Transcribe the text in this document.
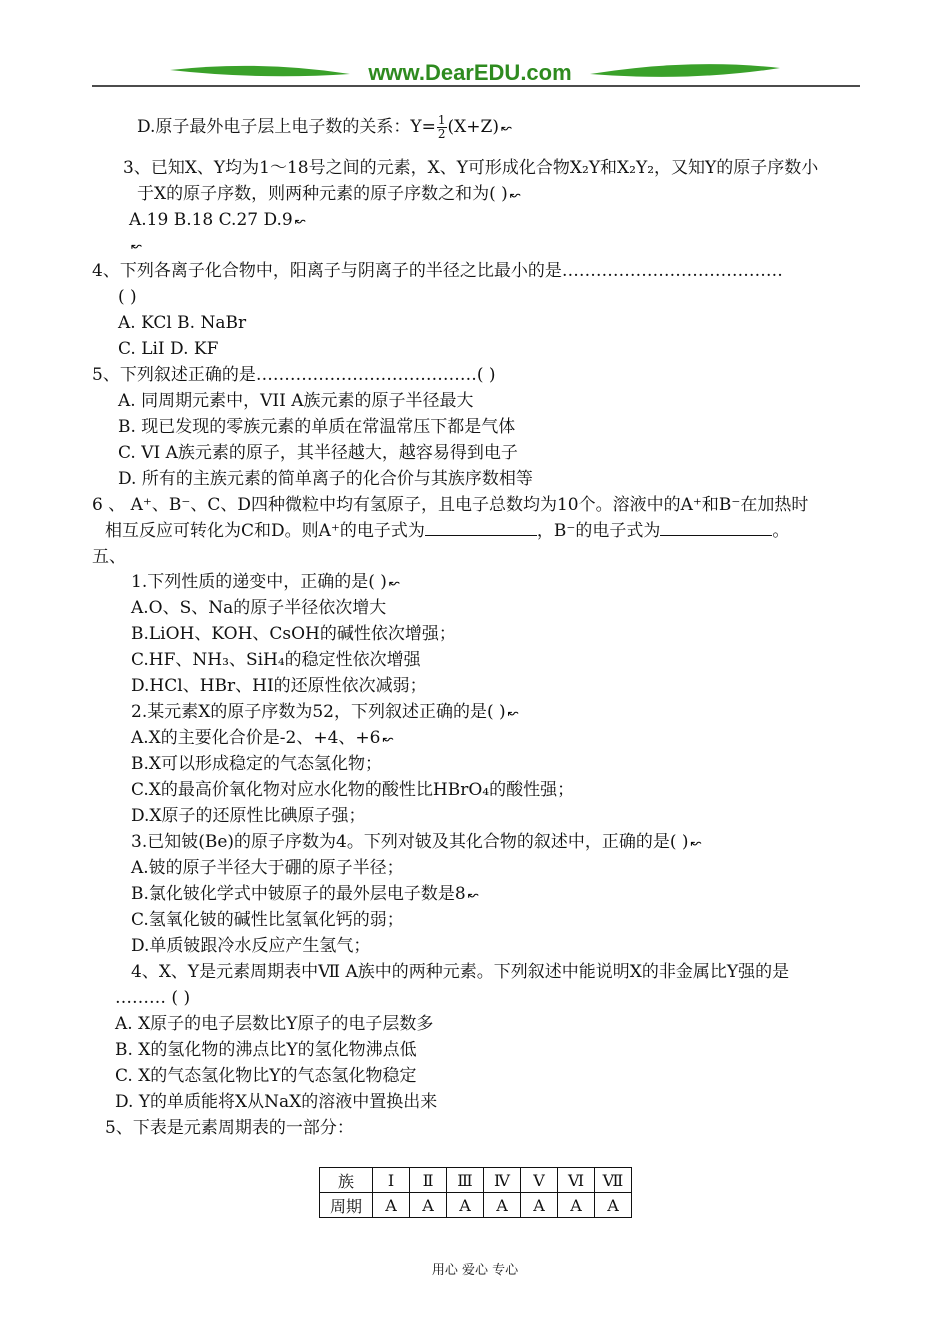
www.DearEDU.com
D.原子最外电子层上电子数的关系：$Y= \frac{1}{2} (X+Z)$ ↜
3、已知X、Y均为1～18号之间的元素，X、Y可形成化合物X₂Y和X₂Y₂，又知Y的原子序数小
于X的原子序数，则两种元素的原子序数之和为( ) ↜
A.19 B.18 C.27 D.9 ↜
↜
4、下列各离子化合物中，阳离子与阴离子的半径之比最小的是…………………………………
( )
A. KCl B. NaBr
C. LiI D. KF
5、下列叙述正确的是…………………………………( )
A. 同周期元素中，VII A族元素的原子半径最大
B. 现已发现的零族元素的单质在常温常压下都是气体
C. VI A族元素的原子，其半径越大，越容易得到电子
D. 所有的主族元素的简单离子的化合价与其族序数相等
6 、 A⁺、B⁻、C、D四种微粒中均有氢原子，且电子总数均为10个。溶液中的A⁺和B⁻在加热时
相互反应可转化为C和D。则A⁺的电子式为	，B⁻的电子式为	。
五、
1.下列性质的递变中，正确的是( ) ↜
A.O、S、Na的原子半径依次增大
B.LiOH、KOH、CsOH的碱性依次增强；
C.HF、NH₃、SiH₄的稳定性依次增强
D.HCl、HBr、HI的还原性依次减弱；
2.某元素X的原子序数为52，下列叙述正确的是( ) ↜
A.X的主要化合价是-2、+4、+6 ↜
B.X可以形成稳定的气态氢化物；
C.X的最高价氧化物对应水化物的酸性比HBrO₄的酸性强；
D.X原子的还原性比碘原子强；
3.已知铍(Be)的原子序数为4。下列对铍及其化合物的叙述中，正确的是( ) ↜
A.铍的原子半径大于硼的原子半径；
B.氯化铍化学式中铍原子的最外层电子数是8 ↜
C.氢氧化铍的碱性比氢氧化钙的弱；
D.单质铍跟冷水反应产生氢气；
4、X、Y是元素周期表中Ⅶ A族中的两种元素。下列叙述中能说明X的非金属比Y强的是
……… ( )
A. X原子的电子层数比Y原子的电子层数多
B. X的氢化物的沸点比Y的氢化物沸点低
C. X的气态氢化物比Y的气态氢化物稳定
D. Y的单质能将X从NaX的溶液中置换出来
5、下表是元素周期表的一部分：
族	Ⅰ	Ⅱ	Ⅲ	Ⅳ	Ⅴ	Ⅵ	Ⅶ
周期	A	A	A	A	A	A	A
用心 爱心 专心
